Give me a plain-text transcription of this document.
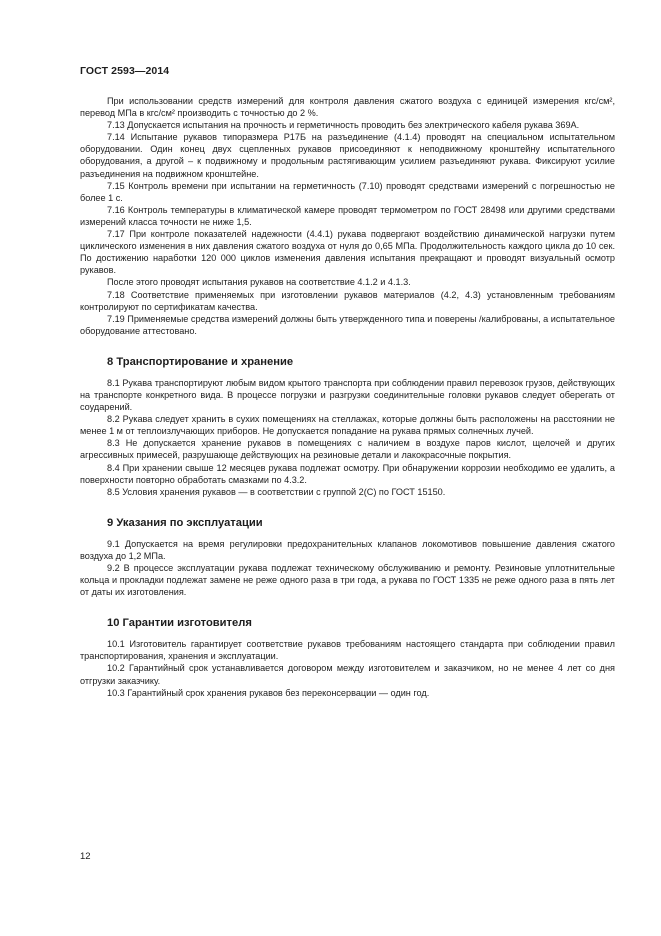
ГОСТ 2593—2014

При использовании средств измерений для контроля давления сжатого воздуха с единицей измерения кгс/см², перевод МПа в кгс/см² производить с точностью до 2 %.

7.13 Допускается испытания на прочность и герметичность проводить без электрического кабеля рукава 369А.

7.14 Испытание рукавов типоразмера Р17Б на разъединение (4.1.4) проводят на специальном испытательном оборудовании. Один конец двух сцепленных рукавов присоединяют к неподвижному кронштейну испытательного оборудования, а другой – к подвижному и продольным растягивающим усилием разъединяют рукава. Фиксируют усилие разъединения на подвижном кронштейне.

7.15 Контроль времени при испытании на герметичность (7.10) проводят средствами измерений с погрешностью не более 1 с.

7.16 Контроль температуры в климатической камере проводят термометром по ГОСТ 28498 или другими средствами измерений класса точности не ниже 1,5.

7.17 При контроле показателей надежности (4.4.1) рукава подвергают воздействию динамической нагрузки путем циклического изменения в них давления сжатого воздуха от нуля до 0,65 МПа. Продолжительность каждого цикла до 10 сек. По достижению наработки 120 000 циклов изменения давления испытания прекращают и проводят визуальный осмотр рукавов.

После этого проводят испытания рукавов на соответствие 4.1.2 и 4.1.3.

7.18 Соответствие применяемых при изготовлении рукавов материалов (4.2, 4.3) установленным требованиям контролируют по сертификатам качества.

7.19 Применяемые средства измерений должны быть утвержденного типа и поверены /калиброваны, а испытательное оборудование аттестовано.

8 Транспортирование и хранение

8.1 Рукава транспортируют любым видом крытого транспорта при соблюдении правил перевозок грузов, действующих на транспорте конкретного вида. В процессе погрузки и разгрузки соединительные головки рукавов следует оберегать от соударений.

8.2 Рукава следует хранить в сухих помещениях на стеллажах, которые должны быть расположены на расстоянии не менее 1 м от теплоизлучающих приборов. Не допускается попадание на рукава прямых солнечных лучей.

8.3 Не допускается хранение рукавов в помещениях с наличием в воздухе паров кислот, щелочей и других агрессивных примесей, разрушающе действующих на резиновые детали и лакокрасочные покрытия.

8.4 При хранении свыше 12 месяцев рукава подлежат осмотру. При обнаружении коррозии необходимо ее удалить, а поверхности повторно обработать смазками по 4.3.2.

8.5 Условия хранения рукавов — в соответствии с группой 2(С) по ГОСТ 15150.

9 Указания по эксплуатации

9.1 Допускается на время регулировки предохранительных клапанов локомотивов повышение давления сжатого воздуха до 1,2 МПа.

9.2 В процессе эксплуатации рукава подлежат техническому обслуживанию и ремонту. Резиновые уплотнительные кольца и прокладки подлежат замене не реже одного раза в три года, а рукава по ГОСТ 1335 не реже одного раза в пять лет от даты их изготовления.

10 Гарантии изготовителя

10.1 Изготовитель гарантирует соответствие рукавов требованиям настоящего стандарта при соблюдении правил транспортирования, хранения и эксплуатации.

10.2 Гарантийный срок устанавливается договором между изготовителем и заказчиком, но не менее 4 лет со дня отгрузки заказчику.

10.3 Гарантийный срок хранения рукавов без переконсервации — один год.

12
